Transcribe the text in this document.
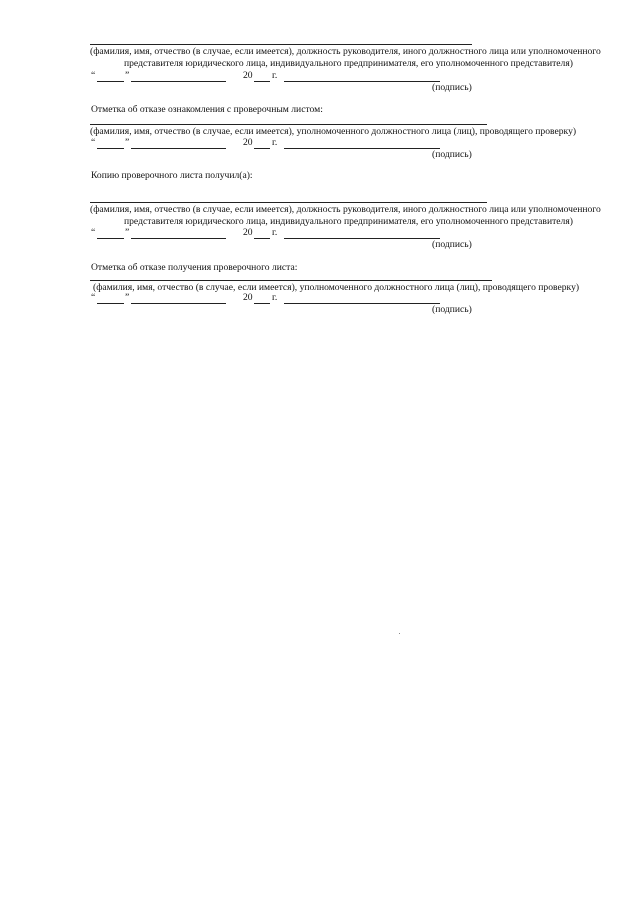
(фамилия, имя, отчество (в случае, если имеется), должность руководителя, иного должностного лица или уполномоченного
представителя юридического лица, индивидуального предпринимателя, его уполномоченного представителя)
“	”	20 г.
(подпись)
Отметка об отказе ознакомления с проверочным листом:
(фамилия, имя, отчество (в случае, если имеется), уполномоченного должностного лица (лиц), проводящего проверку)
“	”	20 г.
(подпись)
Копию проверочного листа получил(а):
(фамилия, имя, отчество (в случае, если имеется), должность руководителя, иного должностного лица или уполномоченного
представителя юридического лица, индивидуального предпринимателя, его уполномоченного представителя)
“	”	20 г.
(подпись)
Отметка об отказе получения проверочного листа:
(фамилия, имя, отчество (в случае, если имеется), уполномоченного должностного лица (лиц), проводящего проверку)
“	”	20 г.
(подпись)
